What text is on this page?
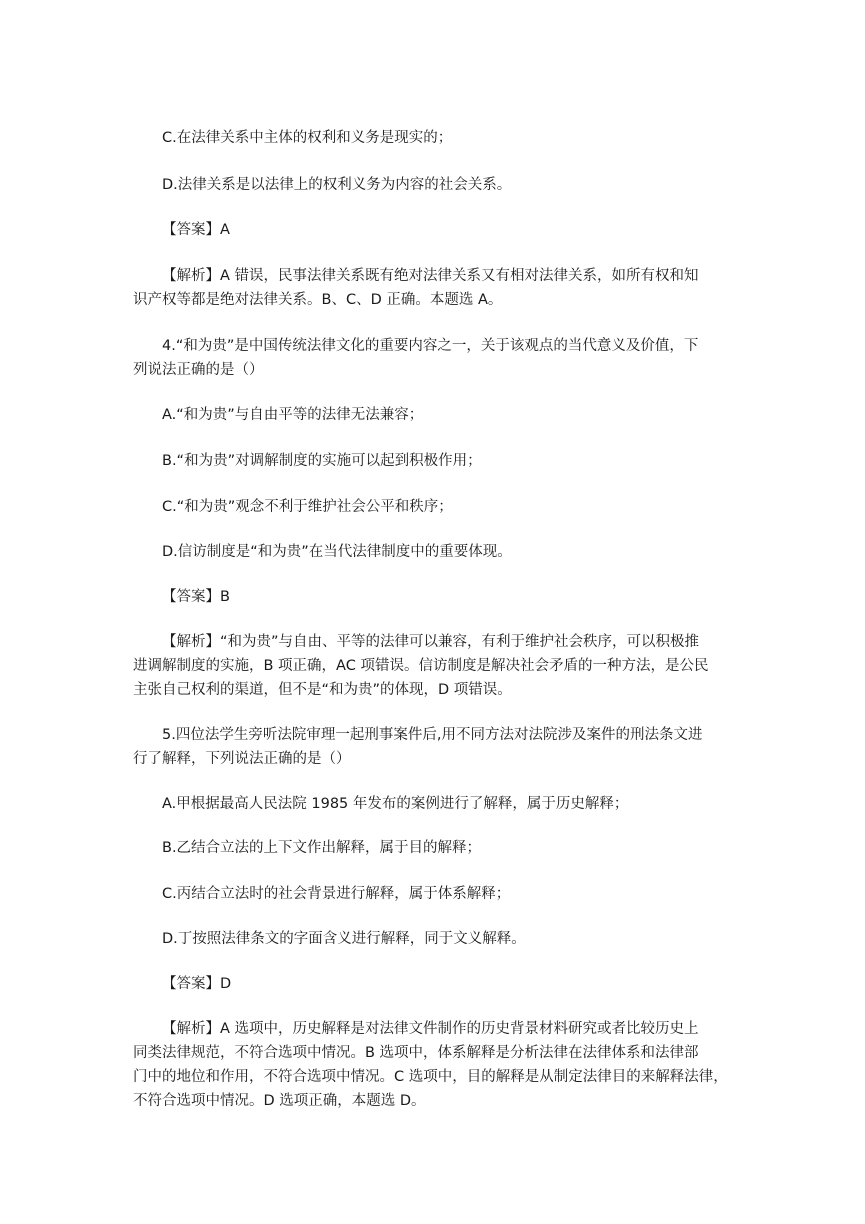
C.在法律关系中主体的权利和义务是现实的；
D.法律关系是以法律上的权利义务为内容的社会关系。
【答案】A
【解析】A 错误，民事法律关系既有绝对法律关系又有相对法律关系，如所有权和知
识产权等都是绝对法律关系。B、C、D 正确。本题选 A。
4.“和为贵”是中国传统法律文化的重要内容之一，关于该观点的当代意义及价值，下
列说法正确的是（）
A.“和为贵”与自由平等的法律无法兼容；
B.“和为贵”对调解制度的实施可以起到积极作用；
C.“和为贵”观念不利于维护社会公平和秩序；
D.信访制度是“和为贵”在当代法律制度中的重要体现。
【答案】B
【解析】“和为贵”与自由、平等的法律可以兼容，有利于维护社会秩序，可以积极推
进调解制度的实施，B 项正确，AC 项错误。信访制度是解决社会矛盾的一种方法，是公民
主张自己权利的渠道，但不是“和为贵”的体现，D 项错误。
5.四位法学生旁听法院审理一起刑事案件后,用不同方法对法院涉及案件的刑法条文进
行了解释，下列说法正确的是（）
A.甲根据最高人民法院 1985 年发布的案例进行了解释，属于历史解释；
B.乙结合立法的上下文作出解释，属于目的解释；
C.丙结合立法时的社会背景进行解释，属于体系解释；
D.丁按照法律条文的字面含义进行解释，同于文义解释。
【答案】D
【解析】A 选项中，历史解释是对法律文件制作的历史背景材料研究或者比较历史上
同类法律规范，不符合选项中情况。B 选项中，体系解释是分析法律在法律体系和法律部
门中的地位和作用，不符合选项中情况。C 选项中，目的解释是从制定法律目的来解释法律，
不符合选项中情况。D 选项正确，本题选 D。
